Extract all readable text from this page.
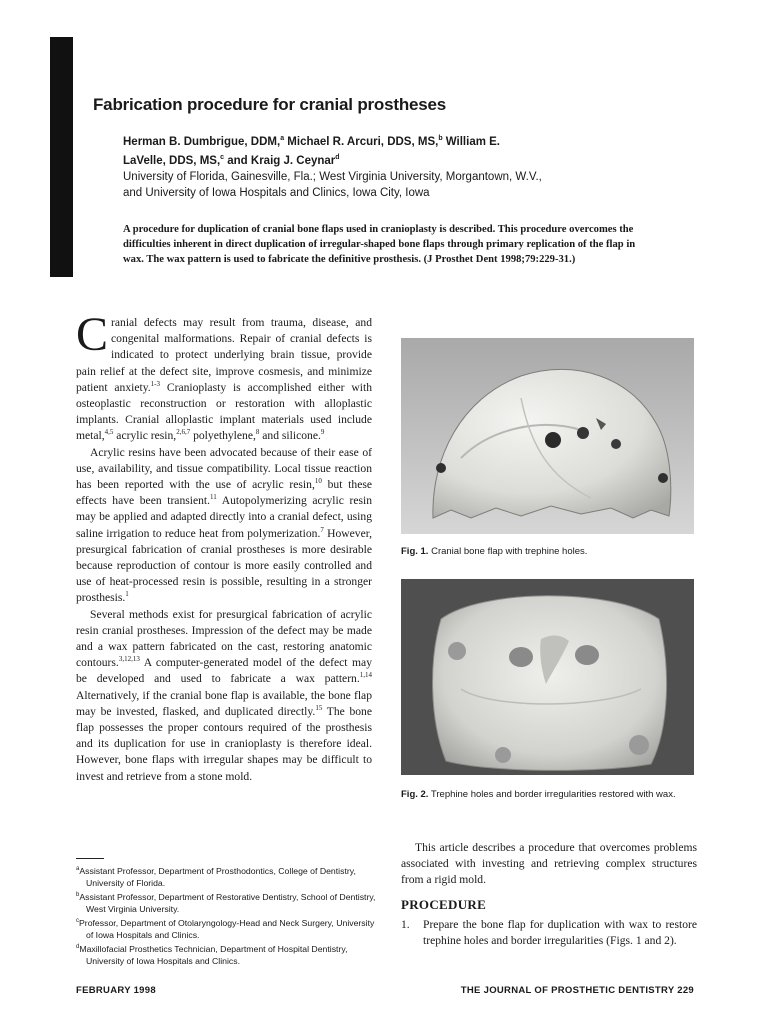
Fabrication procedure for cranial prostheses
Herman B. Dumbrigue, DDM,$^a$ Michael R. Arcuri, DDS, MS,$^b$ William E. LaVelle, DDS, MS,$^c$ and Kraig J. Ceynar$^d$
University of Florida, Gainesville, Fla.; West Virginia University, Morgantown, W.V., and University of Iowa Hospitals and Clinics, Iowa City, Iowa
A procedure for duplication of cranial bone flaps used in cranioplasty is described. This procedure overcomes the difficulties inherent in direct duplication of irregular-shaped bone flaps through primary replication of the flap in wax. The wax pattern is used to fabricate the definitive prosthesis. (J Prosthet Dent 1998;79:229-31.)

Cranial defects may result from trauma, disease, and congenital malformations. Repair of cranial defects is indicated to protect underlying brain tissue, provide pain relief at the defect site, improve cosmesis, and minimize patient anxiety.$^{1-3}$ Cranioplasty is accomplished either with osteoplastic reconstruction or restoration with alloplastic implants. Cranial alloplastic implant materials used include metal,$^{4,5}$ acrylic resin,$^{2,6,7}$ polyethylene,$^8$ and silicone.$^9$

Acrylic resins have been advocated because of their ease of use, availability, and tissue compatibility. Local tissue reaction has been reported with the use of acrylic resin,$^{10}$ but these effects have been transient.$^{11}$ Autopolymerizing acrylic resin may be applied and adapted directly into a cranial defect, using saline irrigation to reduce heat from polymerization.$^7$ However, presurgical fabrication of cranial prostheses is more desirable because reproduction of contour is more easily controlled and use of heat-processed resin is possible, resulting in a stronger prosthesis.$^1$

Several methods exist for presurgical fabrication of acrylic resin cranial prostheses. Impression of the defect may be made and a wax pattern fabricated on the cast, restoring anatomic contours.$^{3,12,13}$ A computer-generated model of the defect may be developed and used to fabricate a wax pattern.$^{1,14}$ Alternatively, if the cranial bone flap is available, the bone flap may be invested, flasked, and duplicated directly.$^{15}$ The bone flap possesses the proper contours required of the prosthesis and its duplication for use in cranioplasty is therefore ideal. However, bone flaps with irregular shapes may be difficult to invest and retrieve from a stone mold.

$^a$Assistant Professor, Department of Prosthodontics, College of Dentistry, University of Florida.
$^b$Assistant Professor, Department of Restorative Dentistry, School of Dentistry, West Virginia University.
$^c$Professor, Department of Otolaryngology-Head and Neck Surgery, University of Iowa Hospitals and Clinics.
$^d$Maxillofacial Prosthetics Technician, Department of Hospital Dentistry, University of Iowa Hospitals and Clinics.
Fig. 1. Cranial bone flap with trephine holes.
Fig. 2. Trephine holes and border irregularities restored with wax.

This article describes a procedure that overcomes problems associated with investing and retrieving complex structures from a rigid mold.

PROCEDURE
1.	Prepare the bone flap for duplication with wax to restore trephine holes and border irregularities (Figs. 1 and 2).
FEBRUARY 1998	THE JOURNAL OF PROSTHETIC DENTISTRY 229
